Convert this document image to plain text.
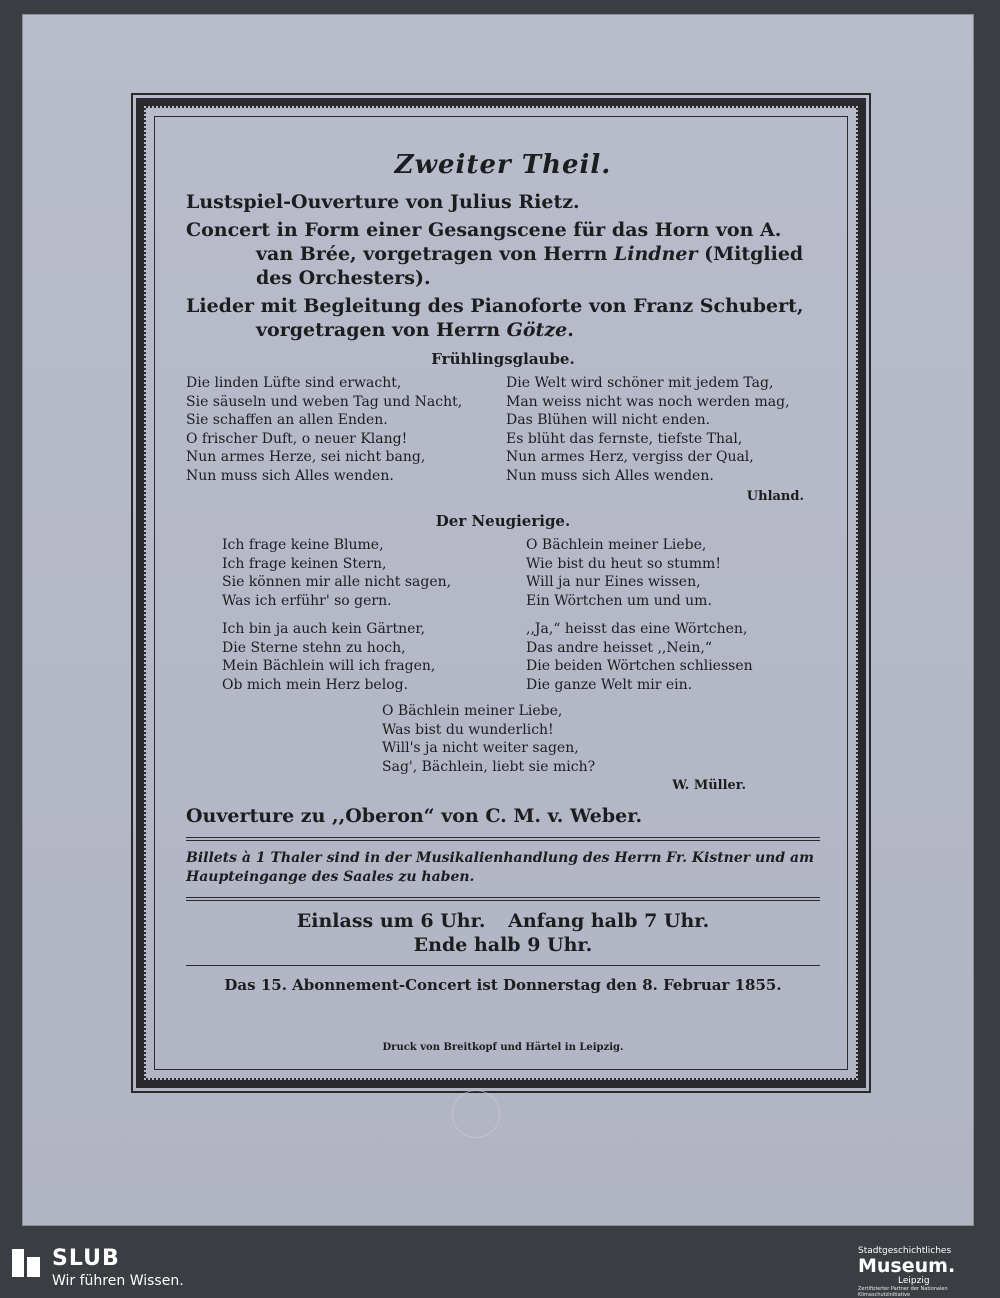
Zweiter Theil.
Lustspiel-Ouverture von Julius Rietz.
Concert in Form einer Gesangscene für das Horn von A. van Brée, vorgetragen von Herrn Lindner (Mitglied des Orchesters).
Lieder mit Begleitung des Pianoforte von Franz Schubert, vorgetragen von Herrn Götze.
Frühlingsglaube.
Die linden Lüfte sind erwacht,
Sie säuseln und weben Tag und Nacht,
Sie schaffen an allen Enden.
O frischer Duft, o neuer Klang!
Nun armes Herze, sei nicht bang,
Nun muss sich Alles wenden.
Die Welt wird schöner mit jedem Tag,
Man weiss nicht was noch werden mag,
Das Blühen will nicht enden.
Es blüht das fernste, tiefste Thal,
Nun armes Herz, vergiss der Qual,
Nun muss sich Alles wenden.
Uhland.
Der Neugierige.
Ich frage keine Blume,
Ich frage keinen Stern,
Sie können mir alle nicht sagen,
Was ich erführ' so gern.
O Bächlein meiner Liebe,
Wie bist du heut so stumm!
Will ja nur Eines wissen,
Ein Wörtchen um und um.
Ich bin ja auch kein Gärtner,
Die Sterne stehn zu hoch,
Mein Bächlein will ich fragen,
Ob mich mein Herz belog.
,,Ja,“ heisst das eine Wörtchen,
Das andre heisset ,,Nein,“
Die beiden Wörtchen schliessen
Die ganze Welt mir ein.
O Bächlein meiner Liebe,
Was bist du wunderlich!
Will's ja nicht weiter sagen,
Sag', Bächlein, liebt sie mich?
W. Müller.
Ouverture zu ,,Oberon“ von C. M. v. Weber.
Billets à 1 Thaler sind in der Musikalienhandlung des Herrn Fr. Kistner und am Haupteingange des Saales zu haben.
Einlass um 6 Uhr. Anfang halb 7 Uhr.
Ende halb 9 Uhr.
Das 15. Abonnement-Concert ist Donnerstag den 8. Februar 1855.
Druck von Breitkopf und Härtel in Leipzig.
SLUB
Wir führen Wissen.
Stadtgeschichtliches
Museum.
Leipzig
Zertifizierter Partner der Nationalen Klimaschutzinitiative
